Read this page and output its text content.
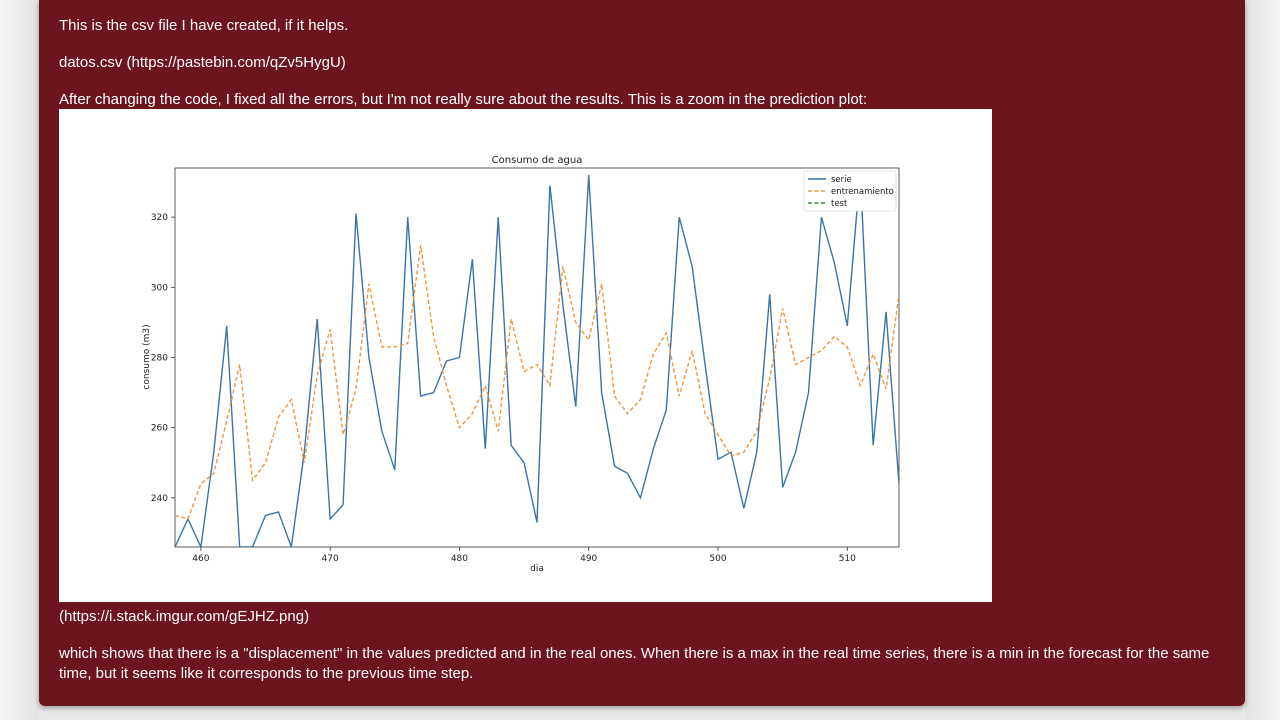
This is the csv file I have created, if it helps.
datos.csv (https://pastebin.com/qZv5HygU)
After changing the code, I fixed all the errors, but I'm not really sure about the results. This is a zoom in the prediction plot:
Consumo de agua
460	470	480	490	500	510
240
260
280
300
320
dia
consumo (m3)
serie
entrenamiento
test
(https://i.stack.imgur.com/gEJHZ.png)
which shows that there is a "displacement" in the values predicted and in the real ones. When there is a max in the real time series, there is a min in the forecast for the same time, but it seems like it corresponds to the previous time step.
